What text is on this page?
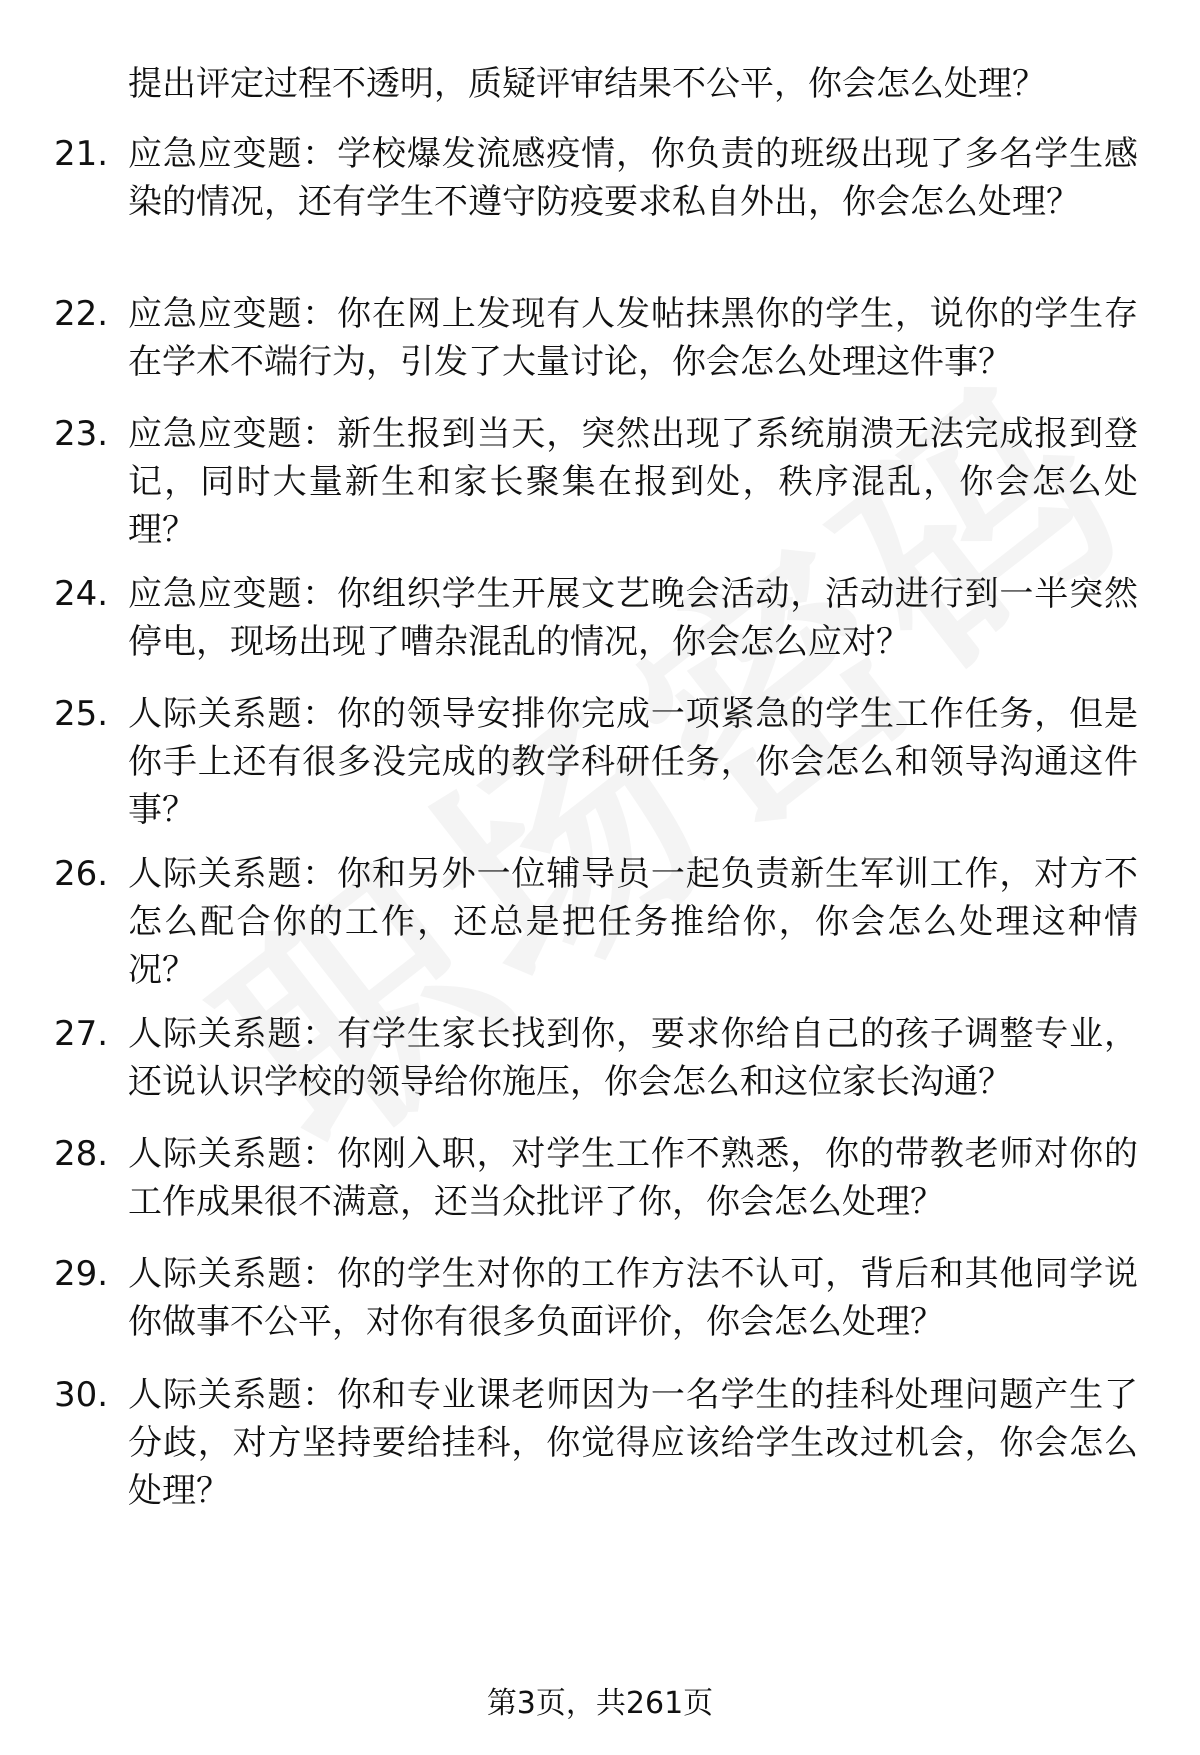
提出评定过程不透明，质疑评审结果不公平，你会怎么处理？
21. 应急应变题：学校爆发流感疫情，你负责的班级出现了多名学生感染的情况，还有学生不遵守防疫要求私自外出，你会怎么处理？
22. 应急应变题：你在网上发现有人发帖抹黑你的学生，说你的学生存在学术不端行为，引发了大量讨论，你会怎么处理这件事？
23. 应急应变题：新生报到当天，突然出现了系统崩溃无法完成报到登记，同时大量新生和家长聚集在报到处，秩序混乱，你会怎么处理？
24. 应急应变题：你组织学生开展文艺晚会活动，活动进行到一半突然停电，现场出现了嘈杂混乱的情况，你会怎么应对？
25. 人际关系题：你的领导安排你完成一项紧急的学生工作任务，但是你手上还有很多没完成的教学科研任务，你会怎么和领导沟通这件事？
26. 人际关系题：你和另外一位辅导员一起负责新生军训工作，对方不怎么配合你的工作，还总是把任务推给你，你会怎么处理这种情况？
27. 人际关系题：有学生家长找到你，要求你给自己的孩子调整专业，还说认识学校的领导给你施压，你会怎么和这位家长沟通？
28. 人际关系题：你刚入职，对学生工作不熟悉，你的带教老师对你的工作成果很不满意，还当众批评了你，你会怎么处理？
29. 人际关系题：你的学生对你的工作方法不认可，背后和其他同学说你做事不公平，对你有很多负面评价，你会怎么处理？
30. 人际关系题：你和专业课老师因为一名学生的挂科处理问题产生了分歧，对方坚持要给挂科，你觉得应该给学生改过机会，你会怎么处理？
第3页，共261页
